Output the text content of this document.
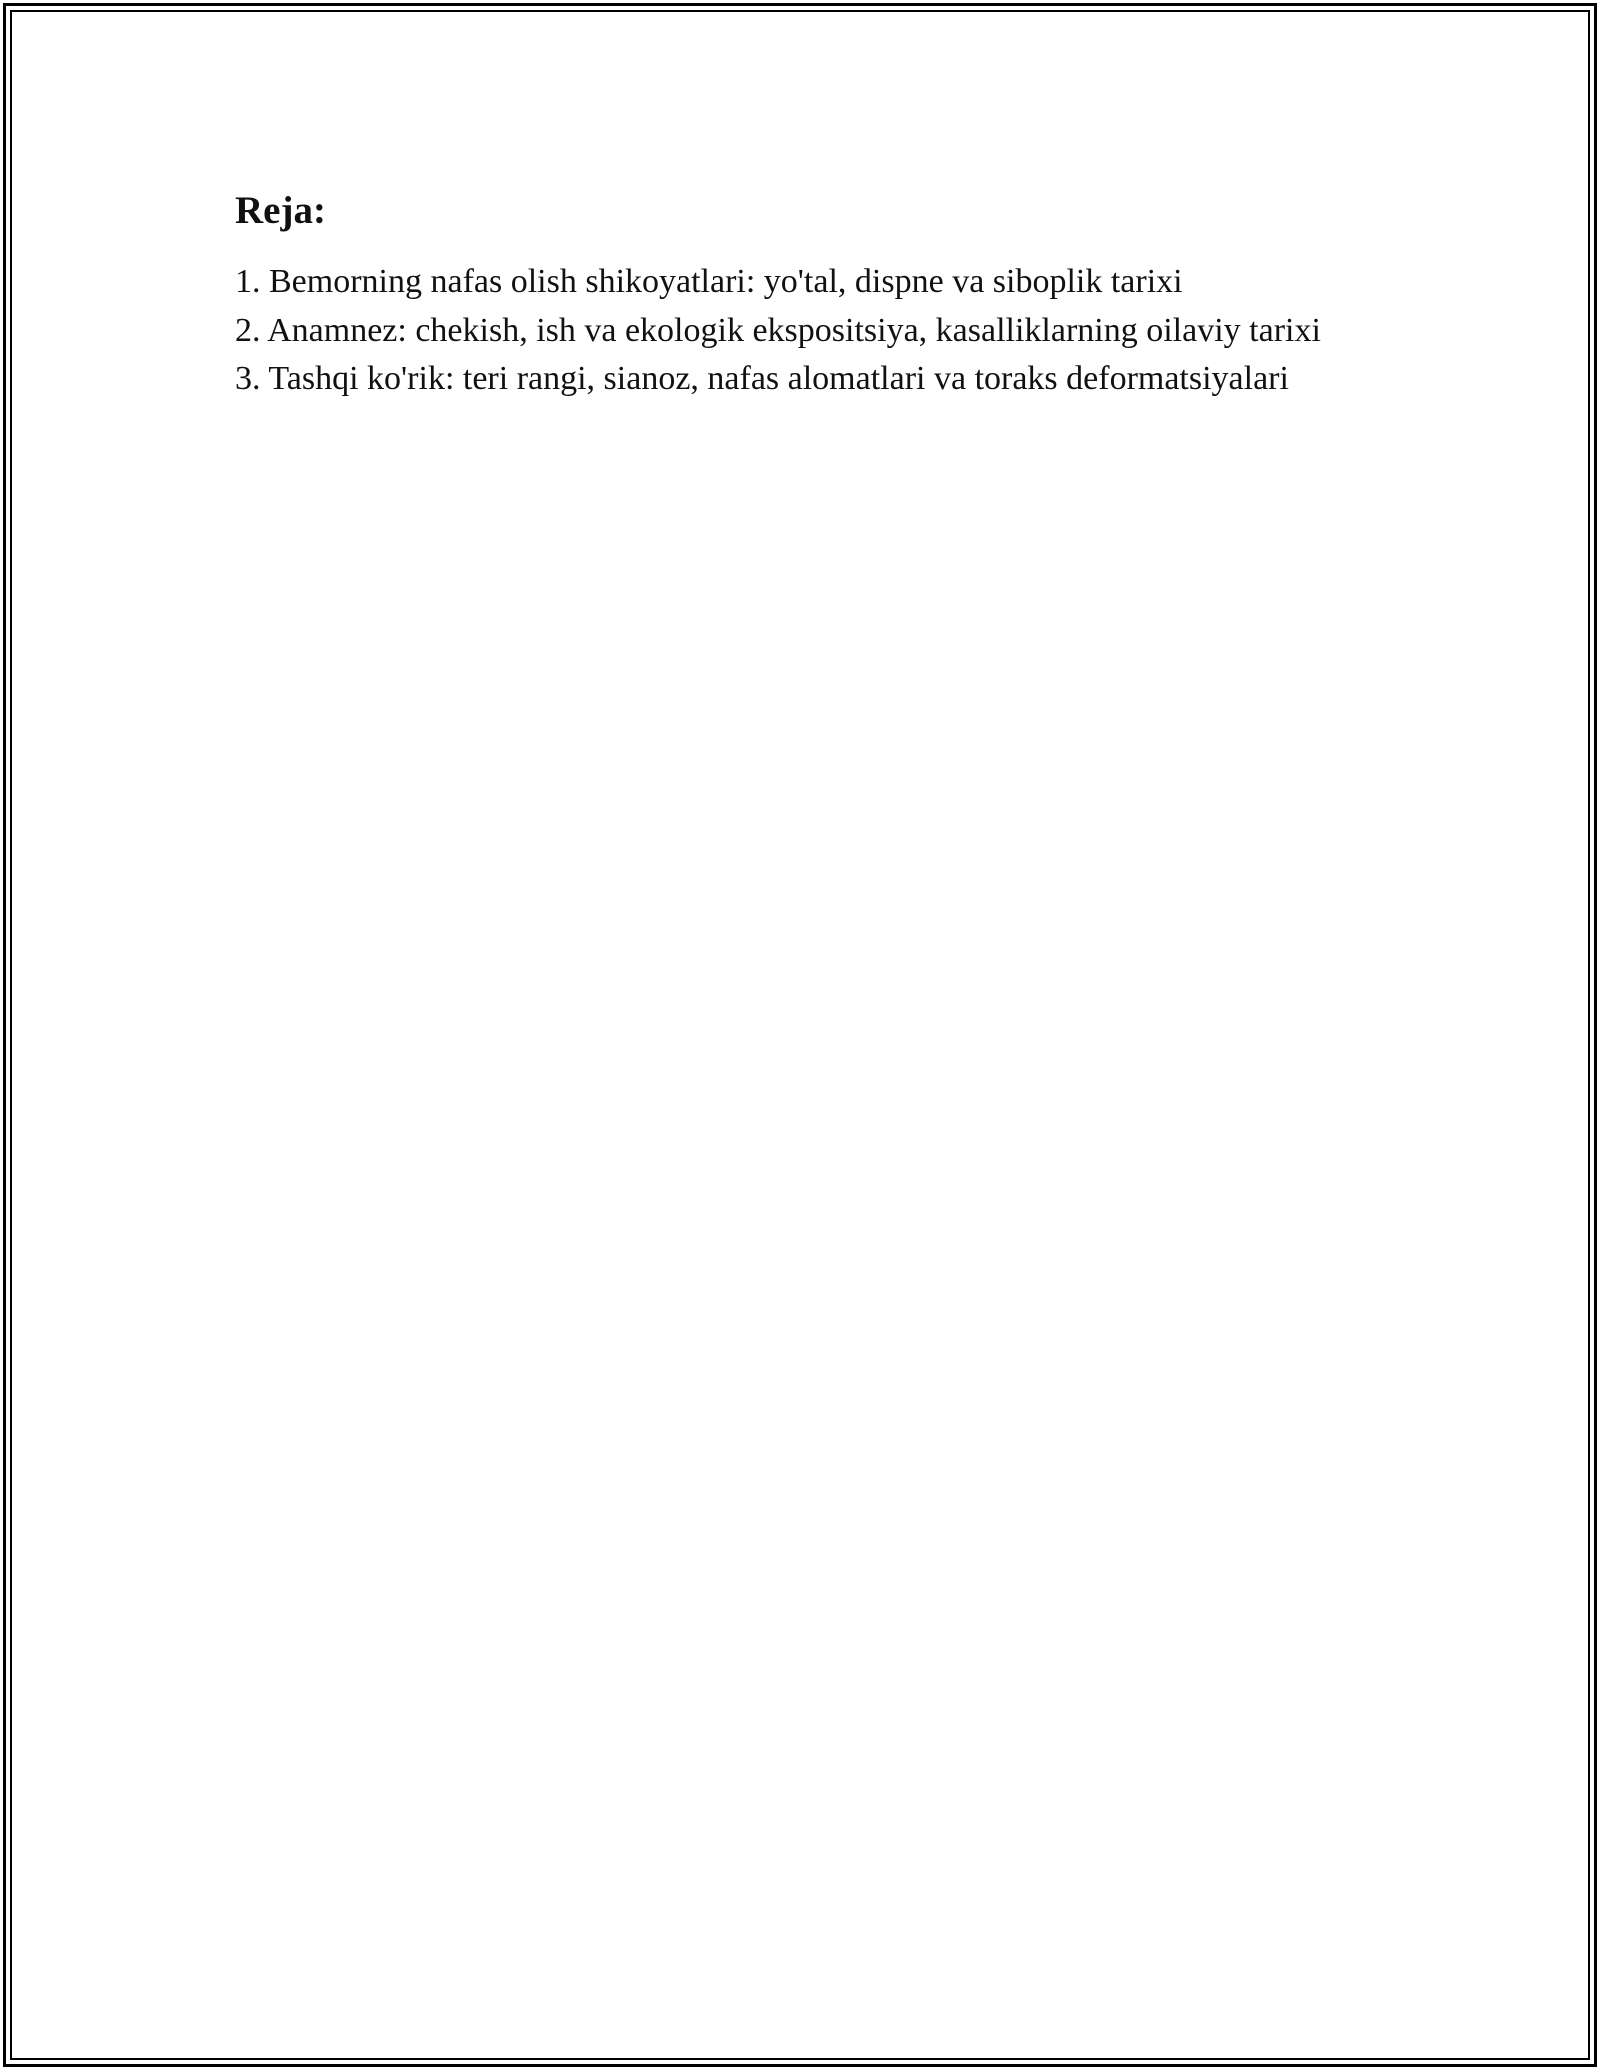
Reja:

1. Bemorning nafas olish shikoyatlari: yo'tal, dispne va siboplik tarixi

2. Anamnez: chekish, ish va ekologik ekspositsiya, kasalliklarning oilaviy tarixi

3. Tashqi ko'rik: teri rangi, sianoz, nafas alomatlari va toraks deformatsiyalari
